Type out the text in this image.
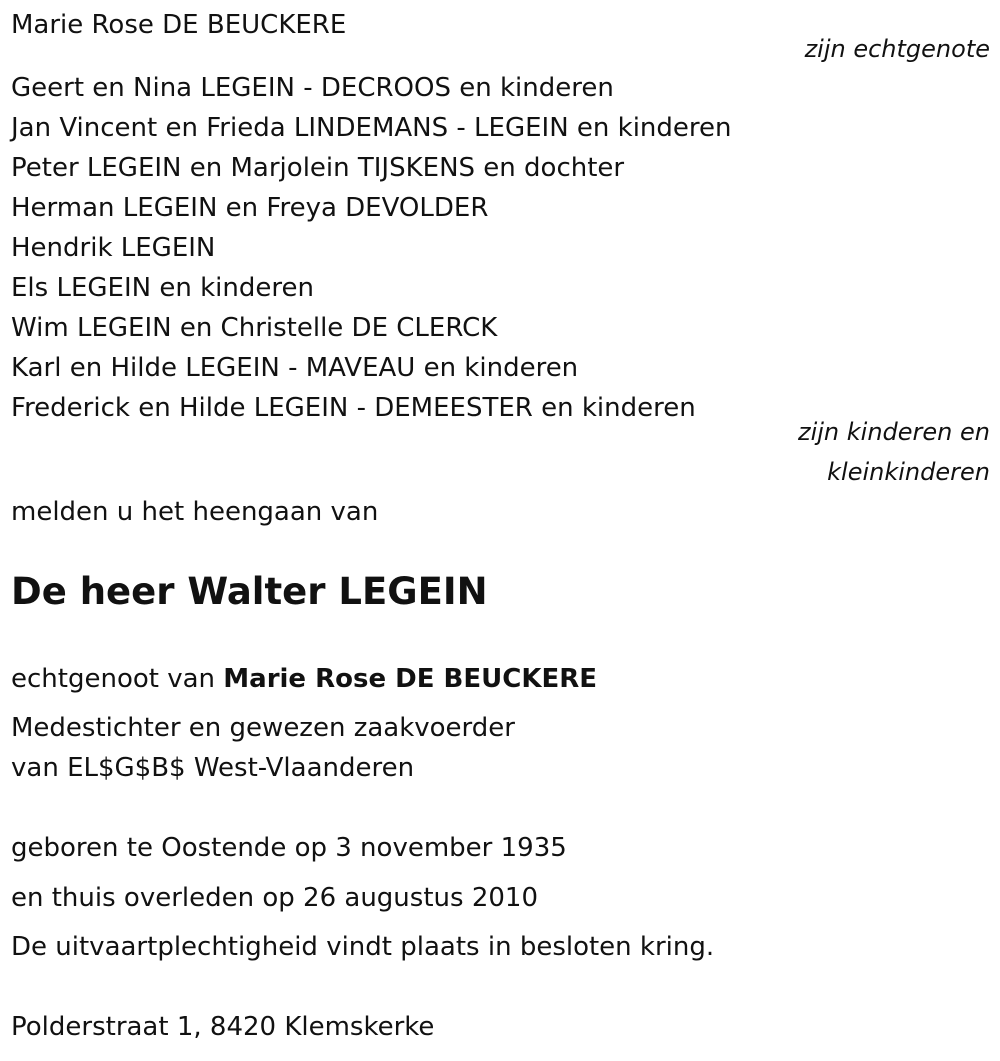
Marie Rose DE BEUCKERE
zijn echtgenote
Geert en Nina LEGEIN - DECROOS en kinderen
Jan Vincent en Frieda LINDEMANS - LEGEIN en kinderen
Peter LEGEIN en Marjolein TIJSKENS en dochter
Herman LEGEIN en Freya DEVOLDER
Hendrik LEGEIN
Els LEGEIN en kinderen
Wim LEGEIN en Christelle DE CLERCK
Karl en Hilde LEGEIN - MAVEAU en kinderen
Frederick en Hilde LEGEIN - DEMEESTER en kinderen
zijn kinderen en
kleinkinderen
melden u het heengaan van
De heer Walter LEGEIN
echtgenoot van Marie Rose DE BEUCKERE
Medestichter en gewezen zaakvoerder
van EL$G$B$ West-Vlaanderen
geboren te Oostende op 3 november 1935
en thuis overleden op 26 augustus 2010
De uitvaartplechtigheid vindt plaats in besloten kring.
Polderstraat 1, 8420 Klemskerke
